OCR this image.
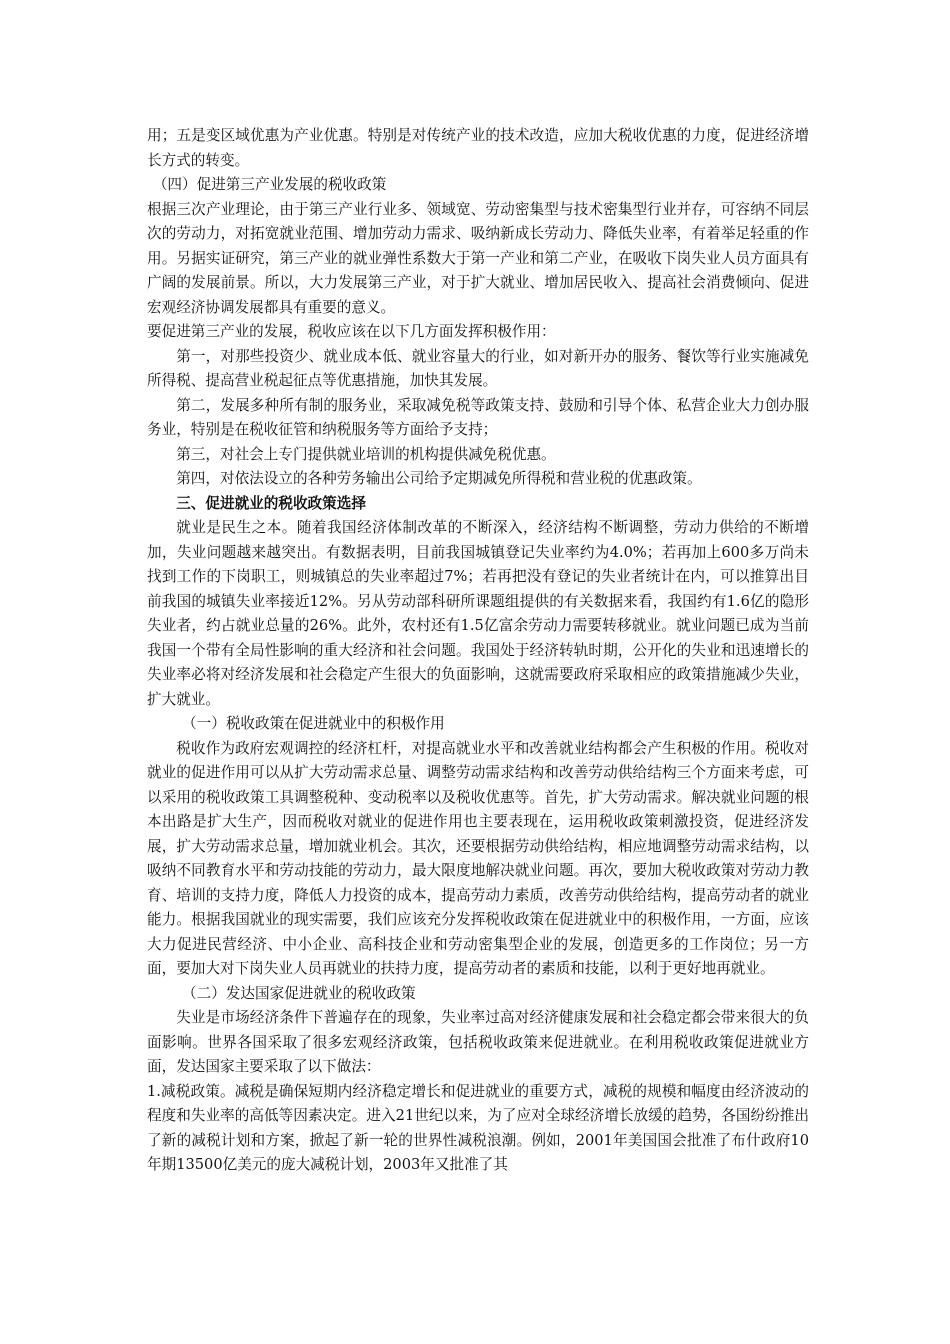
用；五是变区域优惠为产业优惠。特别是对传统产业的技术改造，应加大税收优惠的力度，促进经济增长方式的转变。

（四）促进第三产业发展的税收政策

根据三次产业理论，由于第三产业行业多、领域宽、劳动密集型与技术密集型行业并存，可容纳不同层次的劳动力，对拓宽就业范围、增加劳动力需求、吸纳新成长劳动力、降低失业率，有着举足轻重的作用。另据实证研究，第三产业的就业弹性系数大于第一产业和第二产业，在吸收下岗失业人员方面具有广阔的发展前景。所以，大力发展第三产业，对于扩大就业、增加居民收入、提高社会消费倾向、促进宏观经济协调发展都具有重要的意义。

要促进第三产业的发展，税收应该在以下几方面发挥积极作用：

第一，对那些投资少、就业成本低、就业容量大的行业，如对新开办的服务、餐饮等行业实施减免所得税、提高营业税起征点等优惠措施，加快其发展。

第二，发展多种所有制的服务业，采取减免税等政策支持、鼓励和引导个体、私营企业大力创办服务业，特别是在税收征管和纳税服务等方面给予支持；

第三，对社会上专门提供就业培训的机构提供减免税优惠。

第四，对依法设立的各种劳务输出公司给予定期减免所得税和营业税的优惠政策。

三、促进就业的税收政策选择

就业是民生之本。随着我国经济体制改革的不断深入，经济结构不断调整，劳动力供给的不断增加，失业问题越来越突出。有数据表明，目前我国城镇登记失业率约为4.0%；若再加上600多万尚未找到工作的下岗职工，则城镇总的失业率超过7%；若再把没有登记的失业者统计在内，可以推算出目前我国的城镇失业率接近12%。另从劳动部科研所课题组提供的有关数据来看，我国约有1.6亿的隐形失业者，约占就业总量的26%。此外，农村还有1.5亿富余劳动力需要转移就业。就业问题已成为当前我国一个带有全局性影响的重大经济和社会问题。我国处于经济转轨时期，公开化的失业和迅速增长的失业率必将对经济发展和社会稳定产生很大的负面影响，这就需要政府采取相应的政策措施减少失业，扩大就业。

（一）税收政策在促进就业中的积极作用

税收作为政府宏观调控的经济杠杆，对提高就业水平和改善就业结构都会产生积极的作用。税收对就业的促进作用可以从扩大劳动需求总量、调整劳动需求结构和改善劳动供给结构三个方面来考虑，可以采用的税收政策工具调整税种、变动税率以及税收优惠等。首先，扩大劳动需求。解决就业问题的根本出路是扩大生产，因而税收对就业的促进作用也主要表现在，运用税收政策刺激投资，促进经济发展，扩大劳动需求总量，增加就业机会。其次，还要根据劳动供给结构，相应地调整劳动需求结构，以吸纳不同教育水平和劳动技能的劳动力，最大限度地解决就业问题。再次，要加大税收政策对劳动力教育、培训的支持力度，降低人力投资的成本，提高劳动力素质，改善劳动供给结构，提高劳动者的就业能力。根据我国就业的现实需要，我们应该充分发挥税收政策在促进就业中的积极作用，一方面，应该大力促进民营经济、中小企业、高科技企业和劳动密集型企业的发展，创造更多的工作岗位；另一方面，要加大对下岗失业人员再就业的扶持力度，提高劳动者的素质和技能，以利于更好地再就业。

（二）发达国家促进就业的税收政策

失业是市场经济条件下普遍存在的现象，失业率过高对经济健康发展和社会稳定都会带来很大的负面影响。世界各国采取了很多宏观经济政策，包括税收政策来促进就业。在利用税收政策促进就业方面，发达国家主要采取了以下做法：

1.减税政策。减税是确保短期内经济稳定增长和促进就业的重要方式，减税的规模和幅度由经济波动的程度和失业率的高低等因素决定。进入21世纪以来，为了应对全球经济增长放缓的趋势，各国纷纷推出了新的减税计划和方案，掀起了新一轮的世界性减税浪潮。例如，2001年美国国会批准了布什政府10年期13500亿美元的庞大减税计划，2003年又批准了其
